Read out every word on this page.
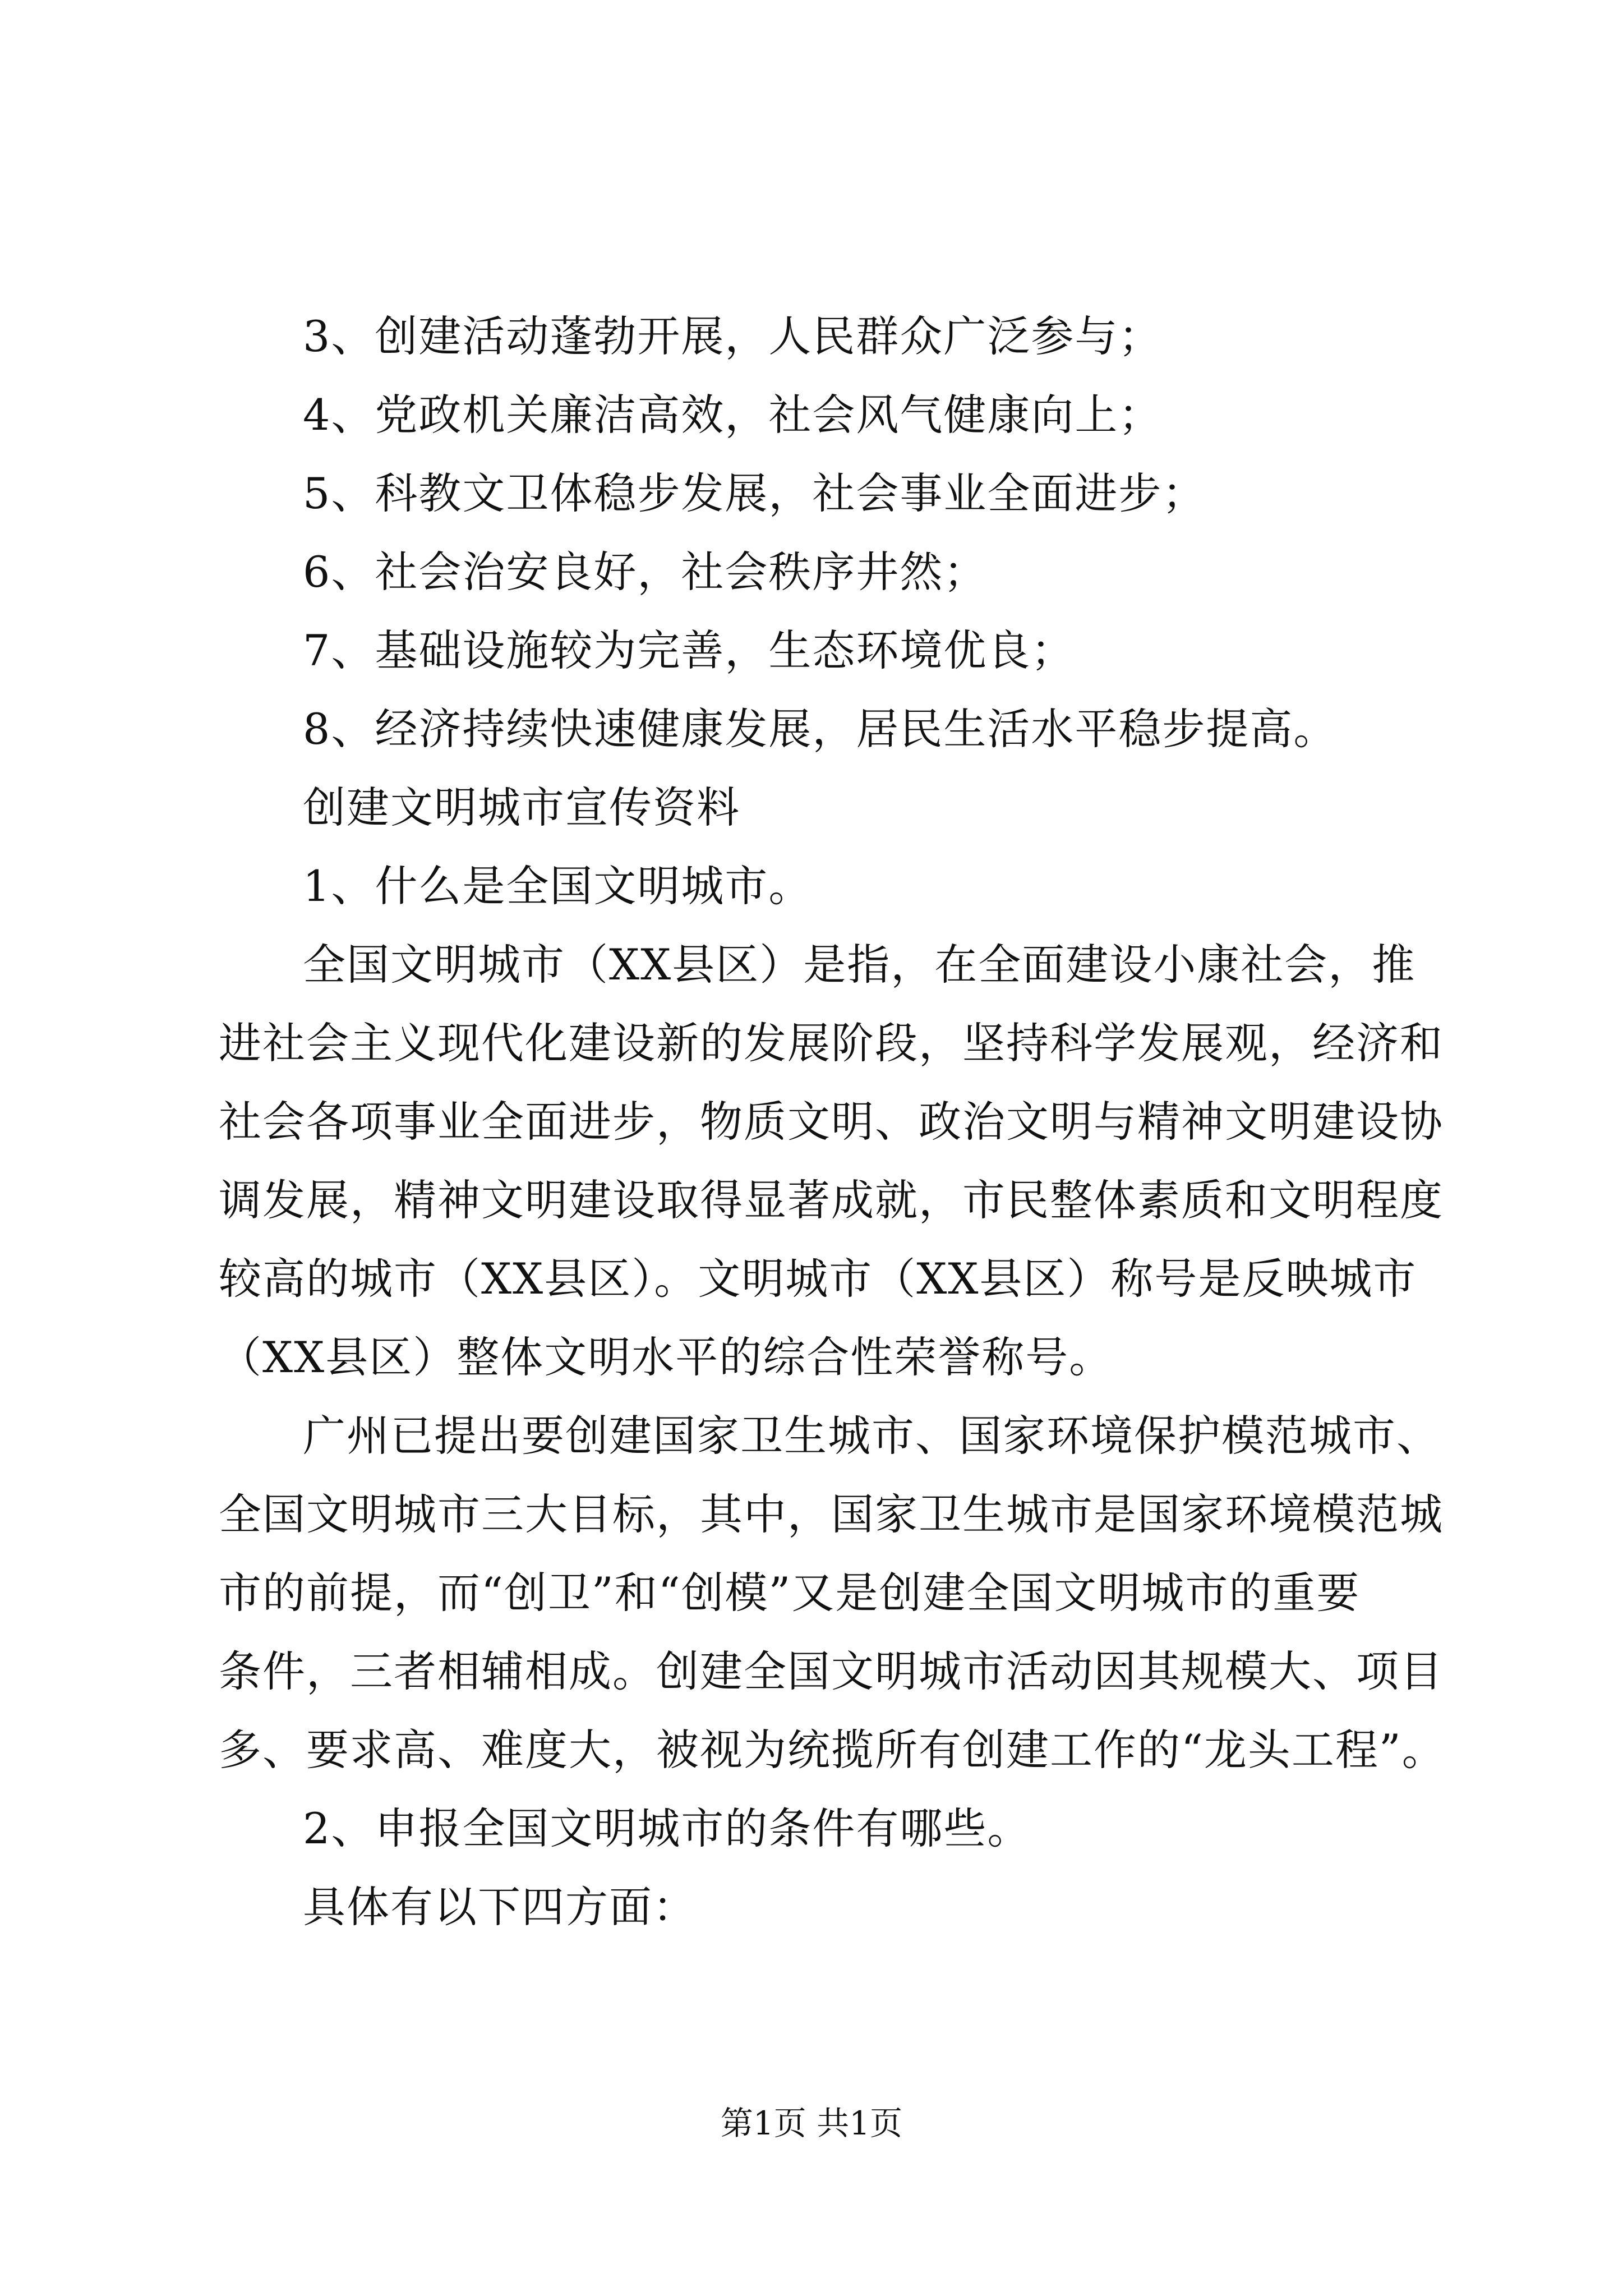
3、创建活动蓬勃开展，人民群众广泛参与；
4、党政机关廉洁高效，社会风气健康向上；
5、科教文卫体稳步发展，社会事业全面进步；
6、社会治安良好，社会秩序井然；
7、基础设施较为完善，生态环境优良；
8、经济持续快速健康发展，居民生活水平稳步提高。
创建文明城市宣传资料
1、什么是全国文明城市。
全国文明城市（XX县区）是指，在全面建设小康社会，推
进社会主义现代化建设新的发展阶段，坚持科学发展观，经济和
社会各项事业全面进步，物质文明、政治文明与精神文明建设协
调发展，精神文明建设取得显著成就，市民整体素质和文明程度
较高的城市（XX县区）。文明城市（XX县区）称号是反映城市
（XX县区）整体文明水平的综合性荣誉称号。
广州已提出要创建国家卫生城市、国家环境保护模范城市、
全国文明城市三大目标，其中，国家卫生城市是国家环境模范城
市的前提，而“创卫”和“创模”又是创建全国文明城市的重要
条件，三者相辅相成。创建全国文明城市活动因其规模大、项目
多、要求高、难度大，被视为统揽所有创建工作的“龙头工程”。
2、申报全国文明城市的条件有哪些。
具体有以下四方面：
第1页 共1页
